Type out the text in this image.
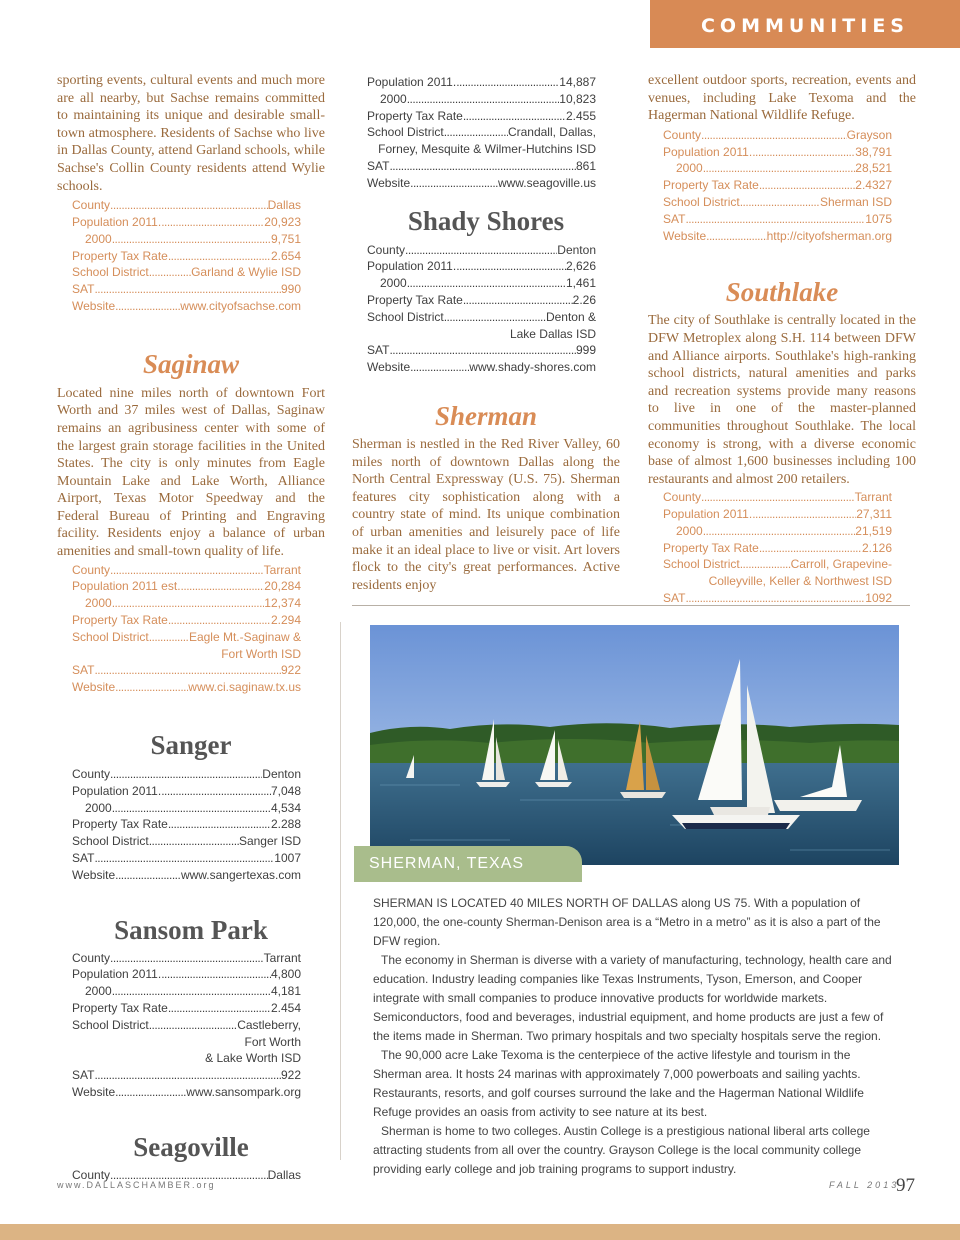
COMMUNITIES

sporting events, cultural events and much more are all nearby, but Sachse remains committed to maintaining its unique and desirable small-town atmosphere. Residents of Sachse who live in Dallas County, attend Garland schools, while Sachse's Collin County residents attend Wylie schools.

County .....	Dallas
Population 2011. .....	20,923
2000 .....	9,751
Property Tax Rate .....	2.654
School District .....	Garland & Wylie ISD
SAT .....	990
Website .....	www.cityofsachse.com
Saginaw

Located nine miles north of downtown Fort Worth and 37 miles west of Dallas, Saginaw remains an agribusiness center with some of the largest grain storage facilities in the United States. The city is only minutes from Eagle Mountain Lake and Lake Worth, Alliance Airport, Texas Motor Speedway and the Federal Bureau of Printing and Engraving facility. Residents enjoy a balance of urban amenities and small-town quality of life.

County .....	Tarrant
Population 2011 est. .....	20,284
2000 .....	12,374
Property Tax Rate .....	2.294
School District .....	Eagle Mt.-Saginaw &
Fort Worth ISD
SAT .....	922
Website .....	www.ci.saginaw.tx.us
Sanger
County .....	Denton
Population 2011. .....	7,048
2000 .....	4,534
Property Tax Rate .....	2.288
School District .....	Sanger ISD
SAT .....	1007
Website .....	www.sangertexas.com
Sansom Park
County .....	Tarrant
Population 2011. .....	4,800
2000 .....	4,181
Property Tax Rate .....	2.454
School District .....	Castleberry,
Fort Worth
& Lake Worth ISD
SAT .....	922
Website .....	www.sansompark.org
Seagoville
County .....	Dallas
Population 2011. .....	14,887
2000 .....	10,823
Property Tax Rate .....	2.455
School District .....	Crandall, Dallas,
Forney, Mesquite & Wilmer-Hutchins ISD
SAT .....	861
Website .....	www.seagoville.us
Shady Shores
County .....	Denton
Population 2011. .....	2,626
2000 .....	1,461
Property Tax Rate .....	2.26
School District .....	Denton &
Lake Dallas ISD
SAT .....	999
Website .....	www.shady-shores.com
Sherman

Sherman is nestled in the Red River Valley, 60 miles north of downtown Dallas along the North Central Expressway (U.S. 75). Sherman features city sophistication along with a country state of mind. Its unique combination of urban amenities and leisurely pace of life make it an ideal place to live or visit. Art lovers flock to the city's great performances. Active residents enjoy

excellent outdoor sports, recreation, events and venues, including Lake Texoma and the Hagerman National Wildlife Refuge.

County .....	Grayson
Population 2011. .....	38,791
2000 .....	28,521
Property Tax Rate .....	2.4327
School District .....	Sherman ISD
SAT .....	1075
Website .....	http://cityofsherman.org
Southlake

The city of Southlake is centrally located in the DFW Metroplex along S.H. 114 between DFW and Alliance airports. Southlake's high-ranking school districts, natural amenities and parks and recreation systems provide many reasons to live in one of the master-planned communities throughout Southlake. The local economy is strong, with a diverse economic base of almost 1,600 businesses including 100 restaurants and almost 200 retailers.

County .....	Tarrant
Population 2011. .....	27,311
2000 .....	21,519
Property Tax Rate .....	2.126
School District .....	Carroll, Grapevine-
Colleyville, Keller & Northwest ISD
SAT .....	1092
SHERMAN, TEXAS

SHERMAN IS LOCATED 40 MILES NORTH OF DALLAS along US 75. With a population of 120,000, the one-county Sherman-Denison area is a “Metro in a metro” as it is also a part of the DFW region.

The economy in Sherman is diverse with a variety of manufacturing, technology, health care and education. Industry leading companies like Texas Instruments, Tyson, Emerson, and Cooper integrate with small companies to produce innovative products for worldwide markets. Semiconductors, food and beverages, industrial equipment, and home products are just a few of the items made in Sherman. Two primary hospitals and two specialty hospitals serve the region.

The 90,000 acre Lake Texoma is the centerpiece of the active lifestyle and tourism in the Sherman area. It hosts 24 marinas with approximately 7,000 powerboats and sailing yachts. Restaurants, resorts, and golf courses surround the lake and the Hagerman National Wildlife Refuge provides an oasis from activity to see nature at its best.

Sherman is home to two colleges. Austin College is a prestigious national liberal arts college attracting students from all over the country. Grayson College is the local community college providing early college and job training programs to support industry.

www.DALLASCHAMBER.org	FALL 2013
97
